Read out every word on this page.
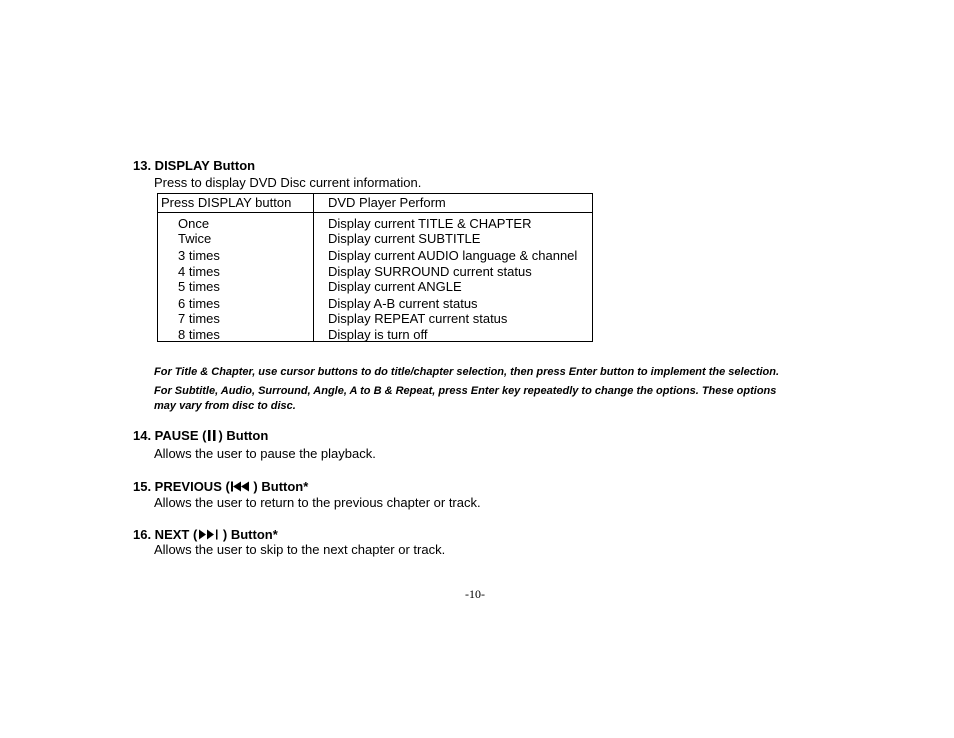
13. DISPLAY Button
Press to display DVD Disc current information.
Press DISPLAY button	DVD Player Perform
Once	Display current TITLE & CHAPTER
Twice	Display current SUBTITLE
3 times	Display current AUDIO language & channel
4 times	Display SURROUND current status
5 times	Display current ANGLE
6 times	Display A-B current status
7 times	Display REPEAT current status
8 times	Display is turn off
For Title & Chapter, use cursor buttons to do title/chapter selection, then press Enter button to implement the selection.
For Subtitle, Audio, Surround, Angle, A to B & Repeat, press Enter key repeatedly to change the options. These options
may vary from disc to disc.
14. PAUSE ( ) Button
Allows the user to pause the playback.
15. PREVIOUS ( ) Button*
Allows the user to return to the previous chapter or track.
16. NEXT ( ) Button*
Allows the user to skip to the next chapter or track.
-10-
